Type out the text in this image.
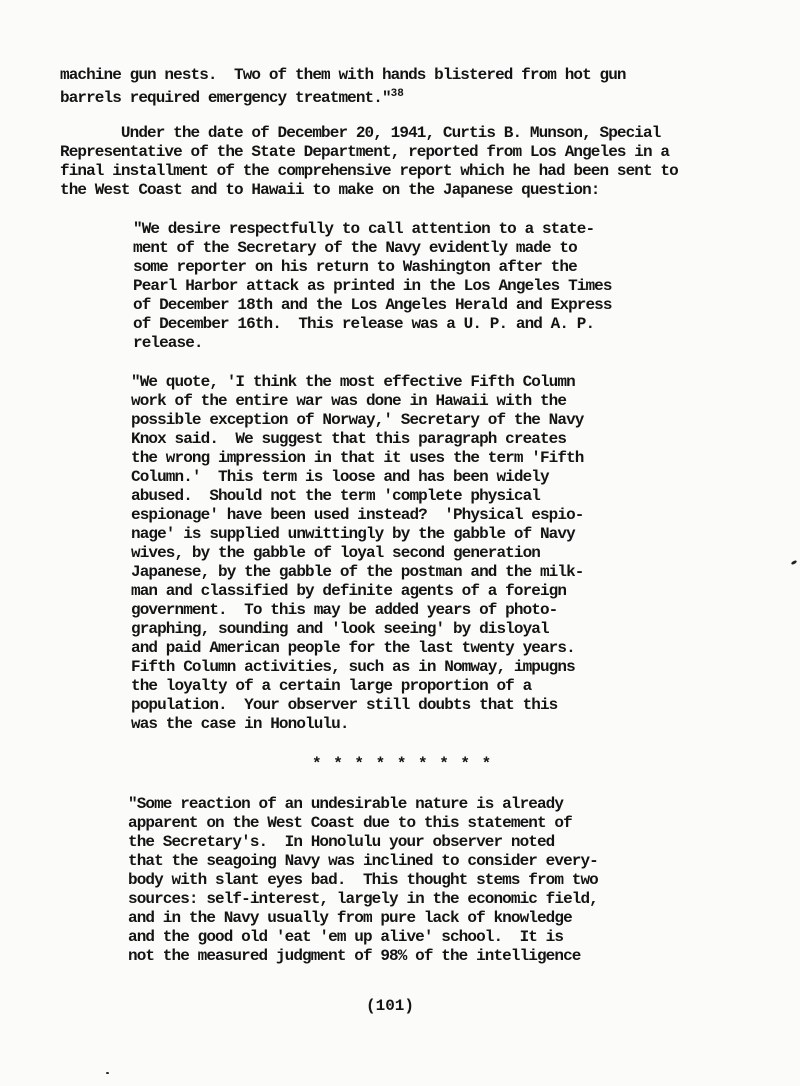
machine gun nests.  Two of them with hands blistered from hot gun
barrels required emergency treatment."$^{38}$
Under the date of December 20, 1941, Curtis B. Munson, Special
Representative of the State Department, reported from Los Angeles in a
final installment of the comprehensive report which he had been sent to
the West Coast and to Hawaii to make on the Japanese question:
"We desire respectfully to call attention to a state-
ment of the Secretary of the Navy evidently made to
some reporter on his return to Washington after the
Pearl Harbor attack as printed in the Los Angeles Times
of December 18th and the Los Angeles Herald and Express
of December 16th.  This release was a U. P. and A. P.
release.
"We quote, 'I think the most effective Fifth Column
work of the entire war was done in Hawaii with the
possible exception of Norway,' Secretary of the Navy
Knox said.  We suggest that this paragraph creates
the wrong impression in that it uses the term 'Fifth
Column.'  This term is loose and has been widely
abused.  Should not the term 'complete physical
espionage' have been used instead?  'Physical espio-
nage' is supplied unwittingly by the gabble of Navy
wives, by the gabble of loyal second generation
Japanese, by the gabble of the postman and the milk-
man and classified by definite agents of a foreign
government.  To this may be added years of photo-
graphing, sounding and 'look seeing' by disloyal
and paid American people for the last twenty years.
Fifth Column activities, such as in Nomway, impugns
the loyalty of a certain large proportion of a
population.  Your observer still doubts that this
was the case in Honolulu.
* * * * * * * * *
"Some reaction of an undesirable nature is already
apparent on the West Coast due to this statement of
the Secretary's.  In Honolulu your observer noted
that the seagoing Navy was inclined to consider every-
body with slant eyes bad.  This thought stems from two
sources: self-interest, largely in the economic field,
and in the Navy usually from pure lack of knowledge
and the good old 'eat 'em up alive' school.  It is
not the measured judgment of 98% of the intelligence
(101)
